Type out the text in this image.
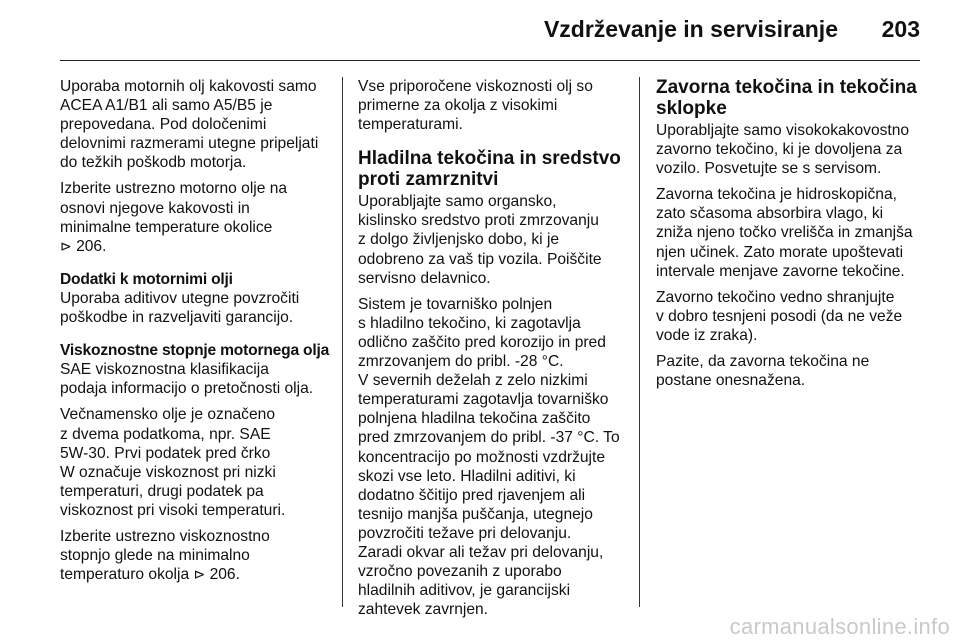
Vzdrževanje in servisiranje 203

Uporaba motornih olj kakovosti samo
ACEA A1/B1 ali samo A5/B5 je
prepovedana. Pod določenimi
delovnimi razmerami utegne pripeljati
do težkih poškodb motorja.

Izberite ustrezno motorno olje na
osnovi njegove kakovosti in
minimalne temperature okolice
⊳ 206.

Dodatki k motornimi olji

Uporaba aditivov utegne povzročiti
poškodbe in razveljaviti garancijo.

Viskoznostne stopnje motornega olja

SAE viskoznostna klasifikacija
podaja informacijo o pretočnosti olja.

Večnamensko olje je označeno
z dvema podatkoma, npr. SAE
5W-30. Prvi podatek pred črko
W označuje viskoznost pri nizki
temperaturi, drugi podatek pa
viskoznost pri visoki temperaturi.

Izberite ustrezno viskoznostno
stopnjo glede na minimalno
temperaturo okolja ⊳ 206.

Vse priporočene viskoznosti olj so
primerne za okolja z visokimi
temperaturami.

Hladilna tekočina in sredstvo
proti zamrznitvi

Uporabljajte samo organsko,
kislinsko sredstvo proti zmrzovanju
z dolgo življenjsko dobo, ki je
odobreno za vaš tip vozila. Poiščite
servisno delavnico.

Sistem je tovarniško polnjen
s hladilno tekočino, ki zagotavlja
odlično zaščito pred korozijo in pred
zmrzovanjem do pribl. -28 °C.
V severnih deželah z zelo nizkimi
temperaturami zagotavlja tovarniško
polnjena hladilna tekočina zaščito
pred zmrzovanjem do pribl. -37 °C. To
koncentracijo po možnosti vzdržujte
skozi vse leto. Hladilni aditivi, ki
dodatno ščitijo pred rjavenjem ali
tesnijo manjša puščanja, utegnejo
povzročiti težave pri delovanju.
Zaradi okvar ali težav pri delovanju,
vzročno povezanih z uporabo
hladilnih aditivov, je garancijski
zahtevek zavrnjen.

Zavorna tekočina in tekočina
sklopke

Uporabljajte samo visokokakovostno
zavorno tekočino, ki je dovoljena za
vozilo. Posvetujte se s servisom.

Zavorna tekočina je hidroskopična,
zato sčasoma absorbira vlago, ki
zniža njeno točko vrelišča in zmanjša
njen učinek. Zato morate upoštevati
intervale menjave zavorne tekočine.

Zavorno tekočino vedno shranjujte
v dobro tesnjeni posodi (da ne veže
vode iz zraka).

Pazite, da zavorna tekočina ne
postane onesnažena.

carmanualsonline.info
